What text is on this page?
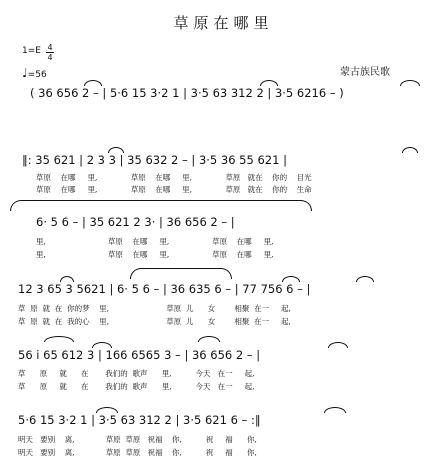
草原在哪里
1=E 4
4
♩=56	蒙古族民歌
( 36 656 2 – | 5·6 15 3·2 1 | 3·5 63 312 2 | 3·5 6216 – )
‖: 35 621 | 2 3 3 | 35 632 2 – | 3·5 36 55 621 |
草原    在哪     里,              草原    在哪     里,              草原   就在    你的    目光
草原    在哪     里,              草原    在哪     里,              草原   就在    你的    生命
6· 5 6 – | 35 621 2 3· | 36 656 2 – |
里,                          草原    在哪     里,                  草原    在哪     里,
里,                          草原    在哪     里,                  草原    在哪     里,
12 3 65 3 5621 | 6· 5 6 – | 36 635 6 – | 77 756 6 – |
草  原  就  在  你的梦    里,                        草原  儿      女        相聚  在一     起,
草  原  就  在  我的心    里,                        草原  儿      女        相聚  在一     起,
56 i 65 612 3 | 166 6565 3 – | 36 656 2 – |
草      原     就      在       我们的  歌声      里,          今天   在一     起,
草      原     就      在       我们的  歌声      里,          今天   在一     起,
5·6 15 3·2 1 | 3·5 63 312 2 | 3·5 621 6 – :‖
明天   要别    离,             草原  草原   祝福    你,          祝     福      你,
明天   要别    离,             草原  草原   祝福    你,          祝     福      你,
